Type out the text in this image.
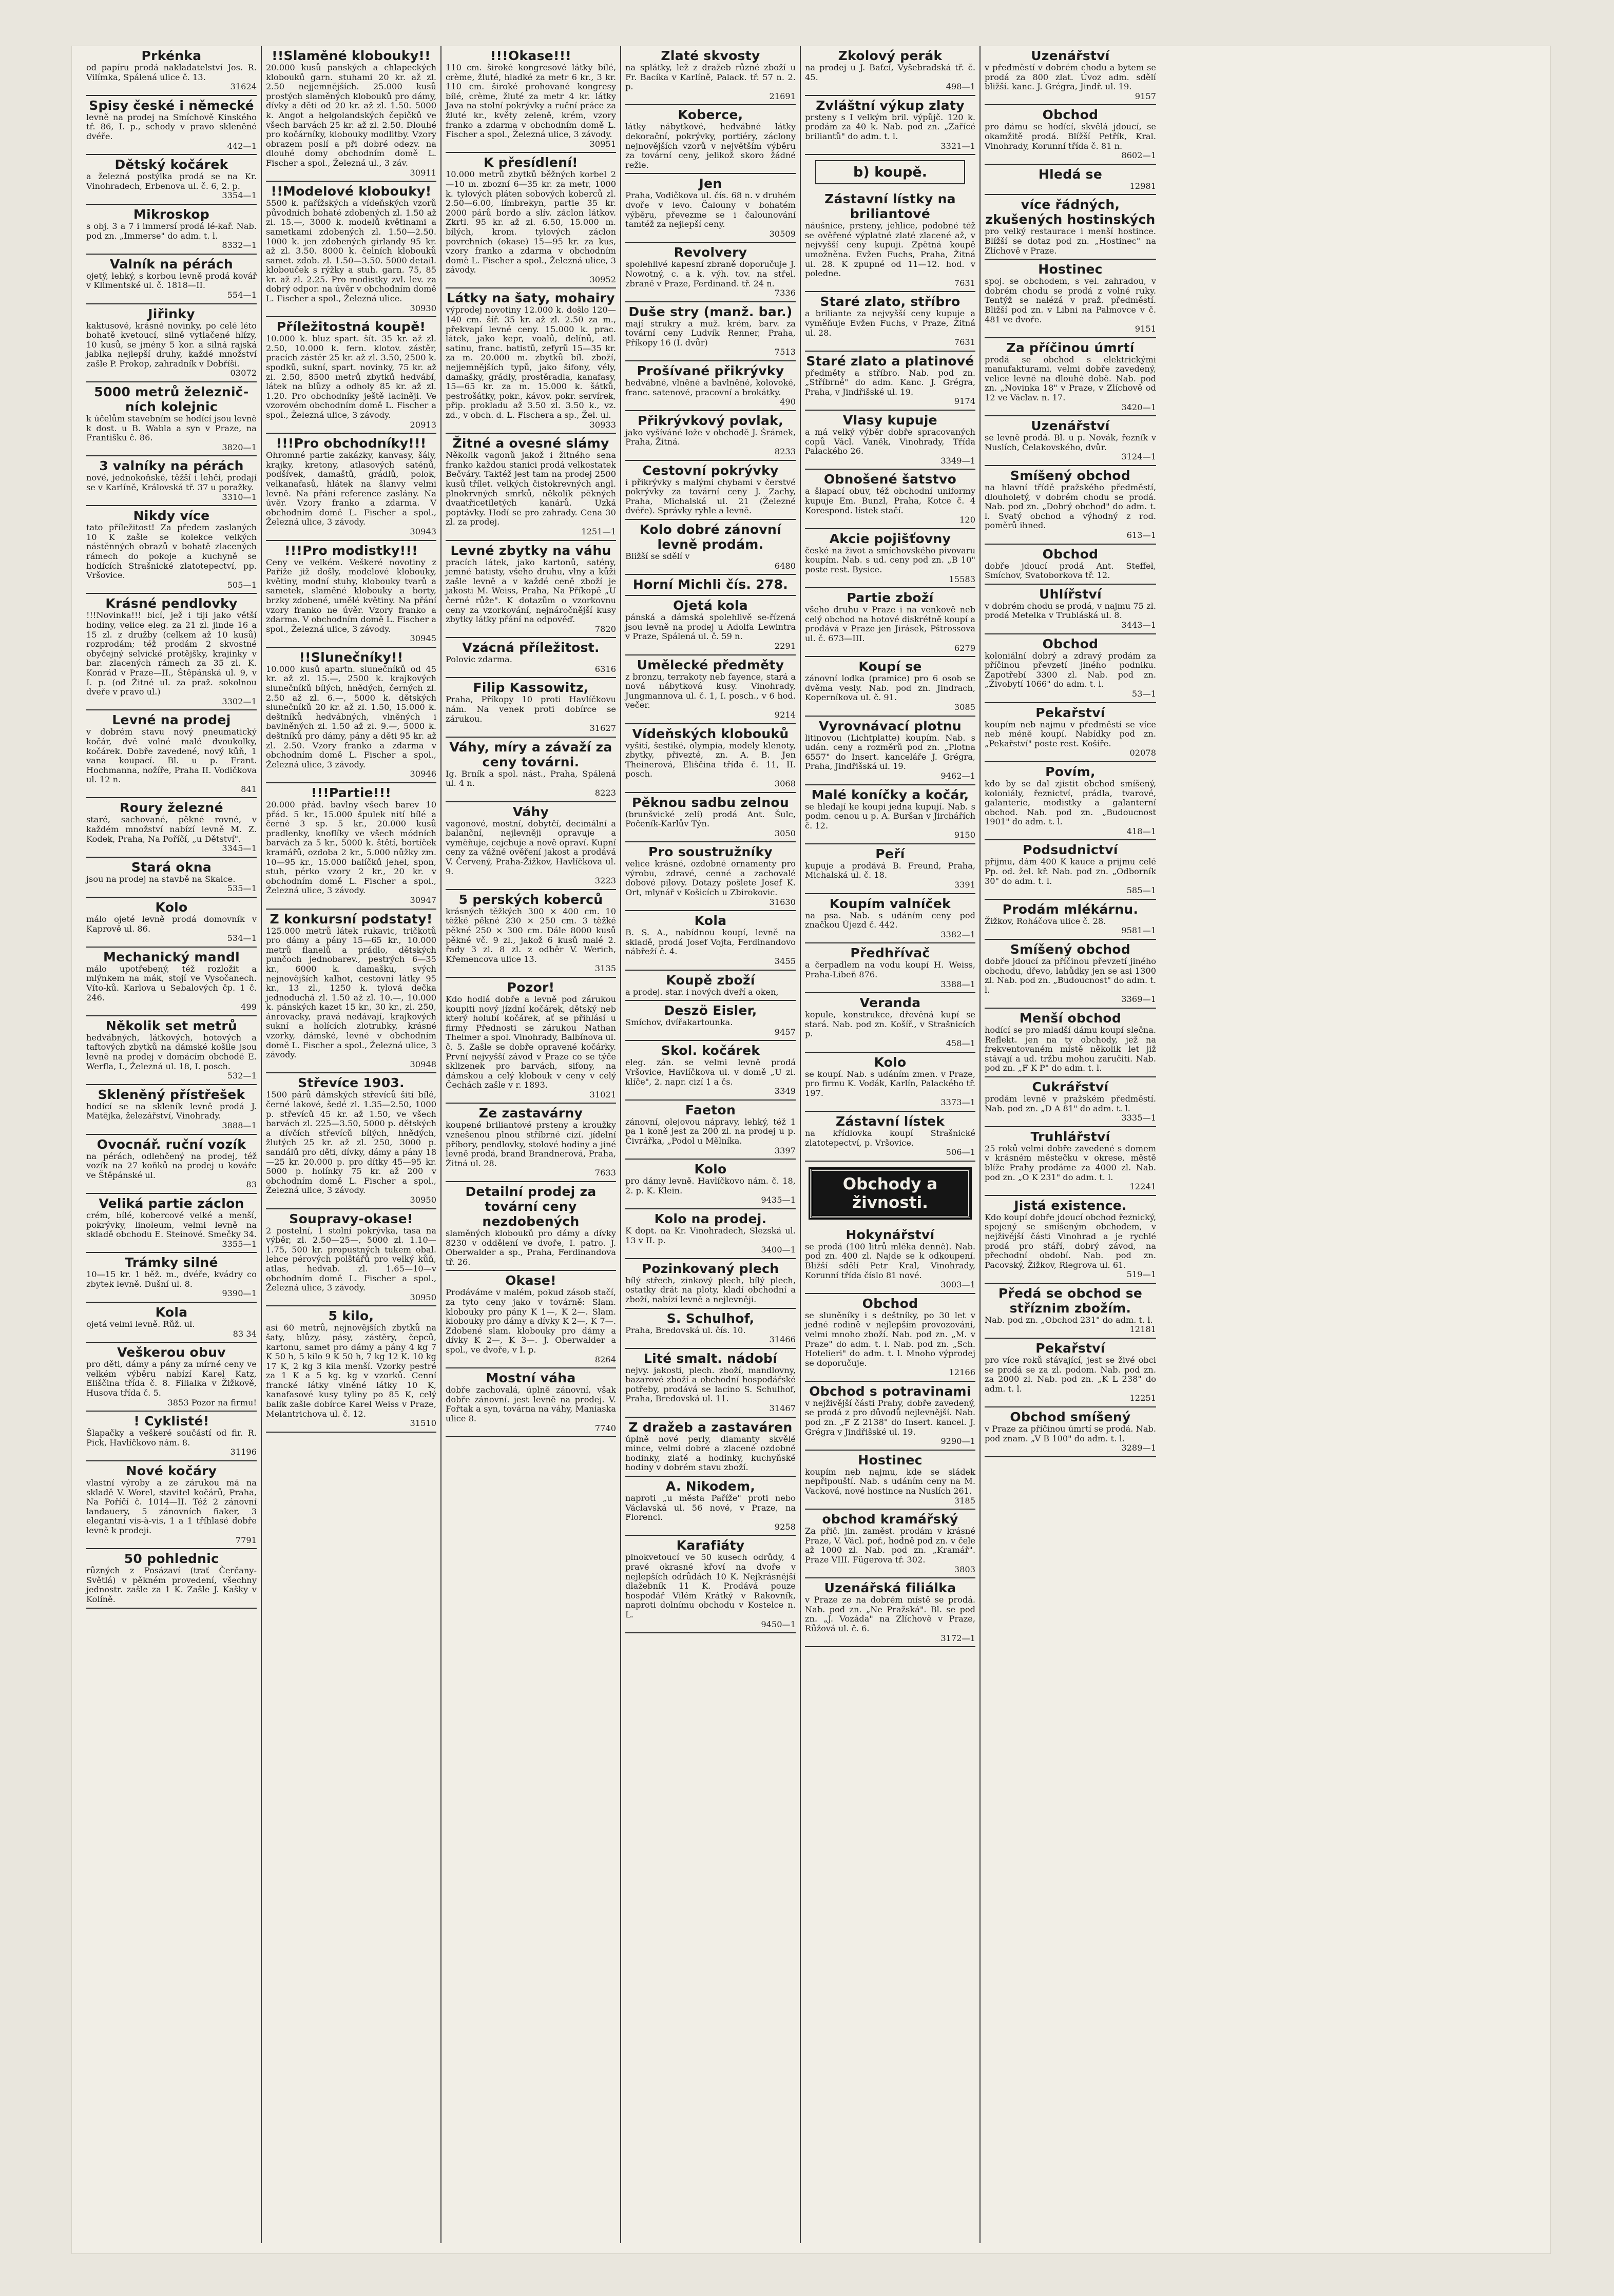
Prkénka

od papíru prodá nakladatelství Jos. R. Vilímka, Spálená ulice č. 13.

31624
Spisy české i německé

levně na prodej na Smíchově Kinského tř. 86, I. p., schody v pravo skleněné dvéře.

442—1
Dětský kočárek

a železná postýlka prodá se na Kr. Vinohradech, Erbenova ul. č. 6, 2. p.

3354—1
Mikroskop

s obj. 3 a 7 i immersí prodá lé-kař. Nab. pod zn. „Immerse" do adm. t. l.

8332—1
Valník na pérách

ojetý, lehký, s korbou levně prodá kovář v Klimentské ul. č. 1818—II.

554—1
Jiřinky

kaktusové, krásné novinky, po celé léto bohatě kvetoucí, silně vytlačené hlízy, 10 kusů, se jmény 5 kor. a silná rajská jablka nejlepší druhy, každé množství zašle P. Prokop, zahradník v Dobříši.

03072
5000 metrů železnič-ních kolejnic

k účelům stavebním se hodící jsou levně k dost. u B. Wabla a syn v Praze, na Františku č. 86.

3820—1
3 valníky na pérách

nové, jednokoňské, těžší i lehčí, prodají se v Karlíně, Královská tř. 37 u poražky.

3310—1
Nikdy více

tato příležitost! Za předem zaslaných 10 K zašle se kolekce velkých nástěnných obrazů v bohatě zlacených rámech do pokoje a kuchyně se hodících Strašnické zlatotepectví, pp. Vršovice.

505—1
Krásné pendlovky

!!!Novinka!!! bicí, jež i tiji jako větší hodiny, velice eleg. za 21 zl. jinde 16 a 15 zl. z družby (celkem až 10 kusů) rozprodám; též prodám 2 skvostné obyčejný selvické protějšky, krajinky v bar. zlacených rámech za 35 zl. K. Konrád v Praze—II., Štěpánská ul. 9, v I. p. (od Žitné ul. za praž. sokolnou dveře v pravo ul.)

3302—1
Levné na prodej

v dobrém stavu nový pneumatický kočár, dvě volné malé dvoukolky, kočárek. Dobře zavedené, nový kůň, 1 vana koupací. Bl. u p. Frant. Hochmanna, nožíře, Praha II. Vodičkova ul. 12 n.

841
Roury železné

staré, sachované, pěkné rovné, v každém množství nabízí levně M. Z. Kodek, Praha, Na Poříčí, „u Dětství".

3345—1
Stará okna

jsou na prodej na stavbě na Skalce.

535—1
Kolo

málo ojeté levně prodá domovník v Kaprově ul. 86.

534—1
Mechanický mandl

málo upotřebený, též rozložit a mlýnkem na mák, stojí ve Vysočanech. Víto-ků. Karlova u Sebalových čp. 1 č. 246.

499
Několik set metrů

hedvábných, látkových, hotových a taftových zbytků na dámské košile jsou levně na prodej v domácím obchodě E. Werfla, I., Železná ul. 18, I. posch.

532—1
Skleněný přístřešek

hodící se na skleník levně prodá J. Matějka, železářství, Vinohrady.

3888—1
Ovocnář. ruční vozík

na pérách, odlehčený na prodej, též vozík na 27 koňků na prodej u kováře ve Štěpánské ul.

83
Veliká partie záclon

crém, bílé, kobercové velké a menší, pokrývky, linoleum, velmi levně na skladě obchodu E. Steinové. Smečky 34.

3355—1
Trámky silné

10—15 kr. 1 běž. m., dvéře, kvádry co zbytek levně. Dušní ul. 8.

9390—1
Kola

ojetá velmi levně. Růž. ul.

83 34
Veškerou obuv

pro děti, dámy a pány za mírné ceny ve velkém výběru nabízí Karel Katz, Eliščina třída č. 8. Filialka v Žižkově, Husova třída č. 5.

3853 Pozor na firmu!
! Cyklisté!

Šlapačky a veškeré součástí od fir. R. Pick, Havlíčkovo nám. 8.

31196
Nové kočáry

vlastní výroby a ze zárukou má na skladě V. Worel, stavitel kočárů, Praha, Na Poříčí č. 1014—II. Též 2 zánovní landauery, 5 zánovních fiaker, 3 elegantní vis-à-vis, 1 a 1 tříhlasé dobře levně k prodeji.

7791
50 pohlednic

různých z Posázaví (trať Čerčany-Světlá) v pěkném provedení, všechny jednostr. zašle za 1 K. Zašle J. Kašky v Kolíně.

!!Slaměné klobouky!!

20.000 kusů panských a chlapeckých klobouků garn. stuhami 20 kr. až zl. 2.50 nejjemnějších. 25.000 kusů prostých slaměných klobouků pro dámy, dívky a děti od 20 kr. až zl. 1.50. 5000 k. Angot a helgolandských čepičků ve všech barvách 25 kr. až zl. 2.50. Dlouhé pro kočárníky, klobouky modlitby. Vzory obrazem poslí a při dobré odezv. na dlouhé domy obchodním domě L. Fischer a spol., Železná ul., 3 záv.

30911
!!Modelové klobouky!

5500 k. pařížských a vídeňských vzorů původních bohaté zdobených zl. 1.50 až zl. 15.—, 3000 k. modelů květinami a sametkami zdobených zl. 1.50—2.50. 1000 k. jen zdobených girlandy 95 kr. až zl. 3.50. 8000 k. čelních klobouků samet. zdob. zl. 1.50—3.50. 5000 detail. klobouček s rýžky a stuh. garn. 75, 85 kr. až zl. 2.25. Pro modistky zvl. lev. za dobrý odpor. na úvěr v obchodním domě L. Fischer a spol., Železná ulice.

30930
Příležitostná koupě!

10.000 k. bluz spart. šít. 35 kr. až zl. 2.50, 10.000 k. fern. klotov. zástěr, pracích zástěr 25 kr. až zl. 3.50, 2500 k. spodků, sukní, spart. novinky, 75 kr. až zl. 2.50, 8500 metrů zbytků hedvábí, látek na blůzy a odholy 85 kr. až zl. 1.20. Pro obchodníky ještě laciněji. Ve vzorovém obchodním domě L. Fischer a spol., Železná ulice, 3 závody.

20913
!!!Pro obchodníky!!!

Ohromné partie zakázky, kanvasy, šály, krajky, kretony, atlasových saténů, podšívek, damaštů, grádlů, polok, velkanafasů, hlátek na šlanvy velmi levně. Na přání reference zaslány. Na úvěr. Vzory franko a zdarma. V obchodním domě L. Fischer a spol., Železná ulice, 3 závody.

30943
!!!Pro modistky!!!

Ceny ve velkém. Veškeré novotiny z Paříže již došly, modelové klobouky, květiny, modní stuhy, klobouky tvarů a sametek, slaměné klobouky a borty, brzky zdobené, umělé květiny. Na přání vzory franko ne úvěr. Vzory franko a zdarma. V obchodním domě L. Fischer a spol., Železná ulice, 3 závody.

30945
!!Slunečníky!!

10.000 kusů apartn. slunečníků od 45 kr. až zl. 15.—, 2500 k. krajkových slunečníků bílých, hnědých, černých zl. 2.50 až zl. 6.—, 5000 k. dětských slunečníků 20 kr. až zl. 1.50, 15.000 k. deštníků hedvábných, vlněných i bavlněných zl. 1.50 až zl. 9.—, 5000 k. deštníků pro dámy, pány a děti 95 kr. až zl. 2.50. Vzory franko a zdarma v obchodním domě L. Fischer a spol., Železná ulice, 3 závody.

30946
!!!Partie!!!

20.000 přád. bavlny všech barev 10 přád. 5 kr., 15.000 špulek nití bílé a černé 3 sp. 5 kr., 20.000 kusů pradlenky, knoflíky ve všech módních barvách za 5 kr., 5000 k. štětí, bortíček kramářů, ozdoba 2 kr., 5.000 nůžky zm. 10—95 kr., 15.000 balíčků jehel, spon, stuh, pérko vzory 2 kr., 20 kr. v obchodním domě L. Fischer a spol., Železná ulice, 3 závody.

30947
Z konkursní podstaty!

125.000 metrů látek rukavic, tričkotů pro dámy a pány 15—65 kr., 10.000 metrů flanelů a prádlo, dětských punčoch jednobarev., pestrých 6—35 kr., 6000 k. damašku, svých nejnovějších kalhot, cestovní látky 95 kr., 13 zl., 1250 k. tylová dečka jednoduchá zl. 1.50 až zl. 10.—, 10.000 k. pánských kazet 15 kr., 30 kr., zl. 250, ánrovacky, pravá nedávají, krajkových sukní a holících zlotrubky, krásné vzorky, dámské, levné v obchodním domě L. Fischer a spol., Železná ulice, 3 závody.

30948
Střevíce 1903.

1500 párů dámských střevíců šití bílé, černé lakové, šedé zl. 1.35—2.50, 1000 p. střevíců 45 kr. až 1.50, ve všech barvách zl. 225—3.50, 5000 p. dětských a dívčích střevíců bílých, hnědých, žlutých 25 kr. až zl. 250, 3000 p. sandálů pro děti, dívky, dámy a pány 18—25 kr. 20.000 p. pro dítky 45—95 kr. 5000 p. holínky 75 kr. až 200 v obchodním domě L. Fischer a spol., Železná ulice, 3 závody.

30950
Soupravy-okase!

2 postelní, 1 stolní pokrývka, tasa na výběr, zl. 2.50—25—, 5000 zl. 1.10—1.75, 500 kr. propustných tukem obal. lehce pérových polštářů pro velký kůň, atlas, hedvab. zl. 1.65—10—v obchodním domě L. Fischer a spol., Železná ulice, 3 závody.

30950
5 kilo,

asi 60 metrů, nejnovějších zbytků na šaty, blůzy, pásy, zástěry, čepců, kartonu, samet pro dámy a pány 4 kg 7 K 50 h, 5 kilo 9 K 50 h, 7 kg 12 K. 10 kg 17 K, 2 kg 3 kila menší. Vzorky pestré za 1 K a 5 kg. kg v vzorků. Cenní francké látky vlněné látky 10 K, kanafasové kusy tyliny po 85 K, celý balík zašle dobírce Karel Weiss v Praze, Melantrichova ul. č. 12.

31510
!!!Okase!!!

110 cm. široké kongresové látky bílé, crème, žluté, hladké za metr 6 kr., 3 kr. 110 cm. široké prohované kongresy bílé, crème, žluté za metr 4 kr. látky Java na stolní pokrývky a ruční práce za žluté kr., květy zeleně, krém, vzory franko a zdarma v obchodním domě L. Fischer a spol., Železná ulice, 3 závody.

30951
K přesídlení!

10.000 metrů zbytků běžných korbel 2—10 m. zbozní 6—35 kr. za metr, 1000 k. tylových pláten sobových koberců zl. 2.50—6.00, límbrekyn, partie 35 kr. 2000 párů bordo a slív. záclon látkov. Zkrtl. 95 kr. až zl. 6.50, 15.000 m. bílých, krom. tylových záclon povrchních (okase) 15—95 kr. za kus, vzory franko a zdarma v obchodním domě L. Fischer a spol., Železná ulice, 3 závody.

30952
Látky na šaty, mohairy

výprodej novotiny 12.000 k. došlo 120—140 cm. šíř. 35 kr. až zl. 2.50 za m., překvapí levné ceny. 15.000 k. prac. látek, jako kepr, voalů, delínů, atl. satinu, franc. batistů, zefyrů 15—35 kr. za m. 20.000 m. zbytků bíl. zboží, nejjemnějších typů, jako šifony, vély, damašky, grádly, prostěradla, kanafasy, 15—65 kr. za m. 15.000 k. šátků, pestrošátky, pokr., kávov. pokr. servírek, přip. prokladu až 3.50 zl. 3.50 k., vz. zd., v obch. d. L. Fischera a sp., Žel. ul.

30933
Žitné a ovesné slámy

Několik vagonů jakož i žitného sena franko každou stanici prodá velkostatek Bečváry. Taktéž jest tam na prodej 2500 kusů třílet. velkých čistokrevných angl. plnokrvných smrků, několik pěkných dvaatřicetiletých kanárů. Uzká poptávky. Hodí se pro zahrady. Cena 30 zl. za prodej.

1251—1
Levné zbytky na váhu

pracích látek, jako kartonů, satény, jemné batisty, všeho druhu, vlny a kůži zašle levně a v každé ceně zboží je jakosti M. Weiss, Praha, Na Příkopě „U černé růže". K dotazům o vzorkovnu ceny za vzorkování, nejnáročnější kusy zbytky látky přání na odpověď.

7820
Vzácná příležitost.

Polovic zdarma.

6316
Filip Kassowitz,

Praha, Příkopy 10 proti Havlíčkovu nám. Na venek proti dobírce se zárukou.

31627
Váhy, míry a závaží za ceny továrni.

Ig. Brník a spol. nást., Praha, Spálená ul. 4 n.

8223
Váhy

vagonové, mostní, dobytčí, decimální a balanční, nejlevněji opravuje a vyměňuje, cejchuje a nově opraví. Kupní ceny za vážné ověření jakost a prodává V. Červený, Praha-Žižkov, Havlíčkova ul. 9.

3223
5 perských koberců

krásných těžkých 300 × 400 cm. 10 těžké pěkné 230 × 250 cm. 3 těžké pěkné 250 × 300 cm. Dále 8000 kusů pěkné vč. 9 zl., jakož 6 kusů malé 2. řady 3 zl. 8 zl. z odběr V. Werich, Křemencova ulice 13.

3135
Pozor!

Kdo hodlá dobře a levně pod zárukou koupiti nový jízdní kočárek, dětský neb který holubí kočárek, ať se přihlásí u firmy Přednosti se zárukou Nathan Thelmer a spol. Vinohrady, Balbínova ul. č. 5. Zašle se dobře opravené kočárky. První nejvyšší závod v Praze co se týče sklizenek pro barvách, sifony, na dámskou a celý klobouk v ceny v celý Čechách zašle v r. 1893.

31021
Ze zastavárny

koupené briliantové prsteny a kroužky vznešenou plnou stříbrné cizí. jídelní příbory, pendlovky, stolové hodiny a jiné levně prodá, brand Brandnerová, Praha, Žitná ul. 28.

7633
Detailní prodej za tovární ceny nezdobených

slaměných klobouků pro dámy a dívky 8230 v oddělení ve dvoře, I. patro. J. Oberwalder a sp., Praha, Ferdinandova tř. 26.

Okase!

Prodáváme v malém, pokud zásob stačí, za tyto ceny jako v továrně: Slam. klobouky pro pány K 1—, K 2—. Slam. klobouky pro dámy a dívky K 2—, K 7—. Zdobené slam. klobouky pro dámy a dívky K 2—, K 3—. J. Oberwalder a spol., ve dvoře, v I. p.

8264
Mostní váha

dobře zachovalá, úplně zánovní, však dobře zánovní. jest levně na prodej. V. Fořtak a syn, továrna na váhy, Maniaska ulice 8.

7740
Zlaté skvosty

na splátky, lež z dražeb různé zboží u Fr. Bacíka v Karlíně, Palack. tř. 57 n. 2. p.

21691
Koberce,

látky nábytkové, hedvábné látky dekorační, pokrývky, portiéry, záclony nejnovějších vzorů v největším výběru za tovární ceny, jelikož skoro žádné režie.

Jen

Praha, Vodičkova ul. čís. 68 n. v druhém dvoře v levo. Čalouny v bohatém výběru, převezme se i čalounování tamtéž za nejlepší ceny.

30509
Revolvery

spolehlivé kapesní zbraně doporučuje J. Nowotný, c. a k. výh. tov. na střel. zbraně v Praze, Ferdinand. tř. 24 n.

7336
Duše stry (manž. bar.)

mají strukry a muž. krém, barv. za tovární ceny Ludvík Renner, Praha, Příkopy 16 (I. dvůr)

7513
Prošívané přikrývky

hedvábné, vlněné a bavlněné, kolovoké, franc. satenové, pracovní a brokátky.

490
Přikrývkový povlak,

jako vyšíváné lože v obchodě J. Šrámek, Praha, Žitná.

8233
Cestovní pokrývky

i přikrývky s malými chybami v čerstvé pokrývky za tovární ceny J. Zachy, Praha, Michalská ul. 21 (Železné dvéře). Správky ryhle a levně.

Kolo dobré zánovní levně prodám.

Bližší se sdělí v

6480
Horní Michli čís. 278.
Ojetá kola

pánská a dámská spolehlivě se-řízená jsou levně na prodej u Adolfa Lewintra v Praze, Spálená ul. č. 59 n.

2291
Umělecké předměty

z bronzu, terrakoty neb fayence, stará a nová nábytková kusy. Vinohrady, Jungmannova ul. č. 1, I. posch., v 6 hod. večer.

9214
Vídeňských klobouků

vyšití, šestiké, olympia, modely klenoty, zbytky, přivezté, zn. A. B. Jen Theinerová, Eliščina třída č. 11, II. posch.

3068
Pěknou sadbu zelnou

(brunšvické zelí) prodá Ant. Šulc, Počeník-Karlův Týn.

3050
Pro soustružníky

velice krásné, ozdobné ornamenty pro výrobu, zdravé, cenné a zachovalé dobové pilovy. Dotazy pošlete Josef K. Ort, mlynář v Košicích u Zbirokovic.

31630
Kola

B. S. A., nabídnou koupí, levně na skladě, prodá Josef Vojta, Ferdinandovo nábřeží č. 4.

3455
Koupě zboží

a prodej. star. i nových dveří a oken,

Deszö Eisler,

Smíchov, dvířakartounka.

9457
Skol. kočárek

eleg. zán. se velmi levně prodá Vršovice, Havlíčkova ul. v domě „U zl. klíče", 2. napr. cizí 1 a čs.

3349
Faeton

zánovní, olejovou nápravy, lehký, též 1 pa 1 koně jest za 200 zl. na prodej u p. Čivrářka, „Podol u Mělníka.

3397
Kolo

pro dámy levně. Havlíčkovo nám. č. 18, 2. p. K. Klein.

9435—1
Kolo na prodej.

K dopt. na Kr. Vinohradech, Slezská ul. 13 v II. p.

3400—1
Pozinkovaný plech

bílý střech, zinkový plech, bílý plech, ostatky drát na ploty, kladí obchodní a zboží, nabízí levně a nejlevněji.

S. Schulhof,

Praha, Bredovská ul. čís. 10.

31466
Lité smalt. nádobí

nejvy. jakosti, plech. zboží, mandlovny, bazarové zboží a obchodní hospodářské potřeby, prodává se lacino S. Schulhof, Praha, Bredovská ul. 11.

31467
Z dražeb a zastaváren

úplně nové perly, diamanty skvělé mince, velmi dobré a zlacené ozdobné hodinky, zlaté a hodinky, kuchyňské hodiny v dobrém stavu zboží.

A. Nikodem,

naproti „u města Paříže" proti nebo Václavská ul. 56 nové, v Praze, na Florenci.

9258
Karafiáty

plnokvetoucí ve 50 kusech odrůdy, 4 pravé okrasné křoví na dvoře v nejlepších odrůdách 10 K. Nejkrásnější dlažebník 11 K. Prodává pouze hospodář Vilém Krátký v Rakovník, naproti dolnímu obchodu v Kostelce n. L.

9450—1
Zkolový perák

na prodej u J. Baťcí, Vyšebradská tř. č. 45.

498—1
Zvláštní výkup zlaty

prsteny s I velkým bril. výpůjč. 120 k. prodám za 40 k. Nab. pod zn. „Zařícé briliantů" do adm. t. l.

3321—1
b) koupě.
Zástavní lístky na briliantové

náušnice, prsteny, jehlice, podobné též se ověřené výplatné zlaté zlacené až, v nejvyšší ceny kupuji. Zpětná koupě umožněna. Evžen Fuchs, Praha, Žitná ul. 28. K zpupné od 11—12. hod. v poledne.

7631
Staré zlato, stříbro

a briliante za nejvyšší ceny kupuje a vyměňuje Evžen Fuchs, v Praze, Žitná ul. 28.

7631
Staré zlato a platinové

předměty a stříbro. Nab. pod zn. „Stříbrné" do adm. Kanc. J. Grégra, Praha, v Jindřišské ul. 19.

9174
Vlasy kupuje

a má velký výběr dobře spracovaných copů Václ. Vaněk, Vinohrady, Třída Palackého 26.

3349—1
Obnošené šatstvo

a šlapací obuv, též obchodní uniformy kupuje Em. Bunzl, Praha, Kotce č. 4 Korespond. lístek stačí.

120
Akcie pojišťovny

české na život a smíchovského pivovaru koupím. Nab. s ud. ceny pod zn. „B 10" poste rest. Bysice.

15583
Partie zboží

všeho druhu v Praze i na venkově neb celý obchod na hotové diskrétně koupí a prodává v Praze jen Jirásek, Pštrossova ul. č. 673—III.

6279
Koupí se

zánovní lodka (pramice) pro 6 osob se dvěma vesly. Nab. pod zn. Jindrach, Koperníkova ul. č. 91.

3085
Vyrovnávací plotnu

litinovou (Lichtplatte) koupím. Nab. s udán. ceny a rozměrů pod zn. „Plotna 6557" do Insert. kanceláře J. Grégra, Praha, Jindřišská ul. 19.

9462—1
Malé koníčky a kočár,

se hledají ke koupi jedna kupují. Nab. s podm. cenou u p. A. Buršan v Jirchářích č. 12.

9150
Peří

kupuje a prodává B. Freund, Praha, Michalská ul. č. 18.

3391
Koupím valníček

na psa. Nab. s udáním ceny pod značkou Újezd č. 442.

3382—1
Předhřívač

a čerpadlem na vodu koupí H. Weiss, Praha-Libeň 876.

3388—1
Veranda

kopule, konstrukce, dřevěná kupí se stará. Nab. pod zn. Košíř., v Strašnicích p.

458—1
Kolo

se koupí. Nab. s udáním zmen. v Praze, pro firmu K. Vodák, Karlín, Palackého tř. 197.

3373—1
Zástavní lístek

na křídlovka koupí Strašnické zlatotepectví, p. Vršovice.

506—1
Obchody a živnosti.
Hokynářství

se prodá (100 litrů mléka denně). Nab. pod zn. 400 zl. Najde se k odkoupení. Bližší sdělí Petr Kral, Vinohrady, Korunní třída číslo 81 nové.

3003—1
Obchod

se sluněníky i s deštníky, po 30 let v jedné rodině v nejlepším provozování, velmi mnoho zboží. Nab. pod zn. „M. v Praze" do adm. t. l. Nab. pod zn. „Sch. Hotelieri" do adm. t. l. Mnoho výprodej se doporučuje.

12166
Obchod s potravinami

v nejživější části Prahy, dobře zavedený, se prodá z pro důvodů nejlevnější. Nab. pod zn. „F Z 2138" do Insert. kancel. J. Grégra v Jindřišské ul. 19.

9290—1
Hostinec

koupím neb najmu, kde se sládek nepřipouští. Nab. s udáním ceny na M. Vacková, nové hostince na Nuslích 261.

3185
obchod kramářský

Za přič. jin. zaměst. prodám v krásné Praze, V. Václ. poř., hodně pod zn. v čele až 1000 zl. Nab. pod zn. „Kramář". Praze VIII. Fügerova tř. 302.

3803
Uzenářská filiálka

v Praze ze na dobrém místě se prodá. Nab. pod zn. „Ne Pražská". Bl. se pod zn. „J. Vozáda" na Zlíchově v Praze, Růžová ul. č. 6.

3172—1
Uzenářství

v předměstí v dobrém chodu a bytem se prodá za 800 zlat. Úvoz adm. sdělí bližší. kanc. J. Grégra, Jindř. ul. 19.

9157
Obchod

pro dámu se hodící, skvělá jdoucí, se okamžitě prodá. Blížší Petřík, Kral. Vinohrady, Korunní třída č. 81 n.

8602—1
Hledá se
12981
více řádných, zkušených hostinských

pro velký restaurace i menší hostince. Blížší se dotaz pod zn. „Hostinec" na Zlíchově v Praze.

Hostinec

spoj. se obchodem, s vel. zahradou, v dobrém chodu se prodá z volné ruky. Tentýž se nalézá v praž. předměstí. Bližší pod zn. v Libni na Palmovce v č. 481 ve dvoře.

9151
Za příčinou úmrtí

prodá se obchod s elektrickými manufakturami, velmi dobře zavedený, velice levně na dlouhé době. Nab. pod zn. „Novinka 18" v Praze, v Zlíchově od 12 ve Václav. n. 17.

3420—1
Uzenářství

se levně prodá. Bl. u p. Novák, řezník v Nuslích, Čelakovského, dvůr.

3124—1
Smíšený obchod

na hlavní třídě pražského předměstí, dlouholetý, v dobrém chodu se prodá. Nab. pod zn. „Dobrý obchod" do adm. t. l. Svatý obchod a výhodný z rod. poměrů ihned.

613—1
Obchod

dobře jdoucí prodá Ant. Steffel, Smíchov, Svatoborkova tř. 12.

Uhlířství

v dobrém chodu se prodá, v najmu 75 zl. prodá Metelka v Trubláská ul. 8.

3443—1
Obchod

koloniální dobrý a zdravý prodám za příčinou převzetí jiného podniku. Zapotřebí 3300 zl. Nab. pod zn. „Živobytí 1066" do adm. t. l.

53—1
Pekařství

koupím neb najmu v předměstí se více neb méně koupí. Nabídky pod zn. „Pekařství" poste rest. Košíře.

02078
Povím,

kdo by se dal zjistit obchod smíšený, koloniály, řeznictví, prádla, tvarové, galanterie, modistky a galanterní obchod. Nab. pod zn. „Budoucnost 1901" do adm. t. l.

418—1
Podsudnictví

přijmu, dám 400 K kauce a prijmu celé Pp. od. žel. kř. Nab. pod zn. „Odborník 30" do adm. t. l.

585—1
Prodám mlékárnu.

Žižkov, Roháčova ulice č. 28.

9581—1
Smíšený obchod

dobře jdoucí za příčinou převzetí jiného obchodu, dřevo, lahůdky jen se asi 1300 zl. Nab. pod zn. „Budoucnost" do adm. t. l.

3369—1
Menší obchod

hodící se pro mladší dámu koupí slečna. Reflekt. jen na ty obchody, jež na frekventovaném místě několik let již stávají a ud. tržbu mohou zaručiti. Nab. pod zn. „F K P" do adm. t. l.

Cukrářství

prodám levně v pražském předměstí. Nab. pod zn. „D A 81" do adm. t. l.

3335—1
Truhlářství

25 roků velmi dobře zavedené s domem v krásném městečku v okrese, městě blíže Prahy prodáme za 4000 zl. Nab. pod zn. „O K 231" do adm. t. l.

12241
Jistá existence.

Kdo koupí dobře jdoucí obchod řeznický, spojený se smíšeným obchodem, v nejživější části Vinohrad a je rychlé prodá pro stáří, dobrý závod, na přechodní období. Nab. pod zn. Pacovský, Žižkov, Riegrova ul. 61.

519—1
Předá se obchod se stříznim zbožím.

Nab. pod zn. „Obchod 231" do adm. t. l.

12181
Pekařství

pro více roků stávající, jest se živé obci se prodá se za zl. podom. Nab. pod zn. za 2000 zl. Nab. pod zn. „K L 238" do adm. t. l.

12251
Obchod smíšený

v Praze za příčinou úmrtí se prodá. Nab. pod znam. „V B 100" do adm. t. l.

3289—1
